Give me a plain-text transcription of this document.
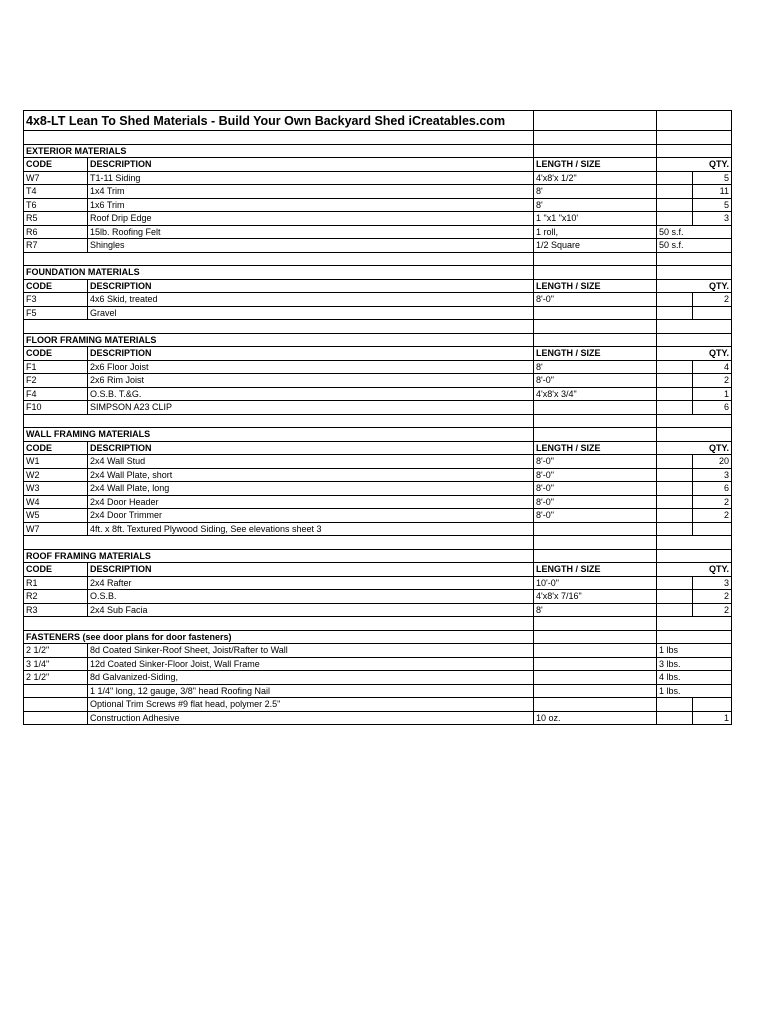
4x8-LT Lean To Shed Materials - Build Your Own Backyard Shed iCreatables.com				

EXTERIOR MATERIALS				
CODE	DESCRIPTION	LENGTH / SIZE	QTY.	
W7	T1-11 Siding	4'x8'x 1/2"		5
T4	1x4 Trim	8'		11
T6	1x6 Trim	8'		5
R5	Roof Drip Edge	1 "x1 "x10'		3
R6	15lb. Roofing Felt	1 roll,	50 s.f.	
R7	Shingles	1/2 Square	50 s.f.	

FOUNDATION MATERIALS				
CODE	DESCRIPTION	LENGTH / SIZE	QTY.	
F3	4x6 Skid, treated	8'-0"		2
F5	Gravel			

FLOOR FRAMING MATERIALS				
CODE	DESCRIPTION	LENGTH / SIZE	QTY.	
F1	2x6 Floor Joist	8'		4
F2	2x6 Rim Joist	8'-0"		2
F4	O.S.B. T.&G.	4'x8'x 3/4"		1
F10	SIMPSON A23 CLIP			6

WALL FRAMING MATERIALS				
CODE	DESCRIPTION	LENGTH / SIZE	QTY.	
W1	2x4 Wall Stud	8'-0"		20
W2	2x4 Wall Plate, short	8'-0"		3
W3	2x4 Wall Plate, long	8'-0"		6
W4	2x4 Door Header	8'-0"		2
W5	2x4 Door Trimmer	8'-0"		2
W7	4ft. x 8ft. Textured Plywood Siding, See elevations sheet 3			

ROOF FRAMING MATERIALS				
CODE	DESCRIPTION	LENGTH / SIZE	QTY.	
R1	2x4 Rafter	10'-0"		3
R2	O.S.B.	4'x8'x 7/16"		2
R3	2x4 Sub Facia	8'		2

FASTENERS (see door plans for door fasteners)				
2 1/2"	8d Coated Sinker-Roof Sheet, Joist/Rafter to Wall		1 lbs	
3 1/4"	12d Coated Sinker-Floor Joist, Wall Frame		3 lbs.	
2 1/2"	8d Galvanized-Siding,		4 lbs.	
	1 1/4" long, 12 gauge, 3/8" head Roofing Nail		1 lbs.	
	Optional Trim Screws #9 flat head, polymer 2.5"			
	Construction Adhesive	10 oz.		1
